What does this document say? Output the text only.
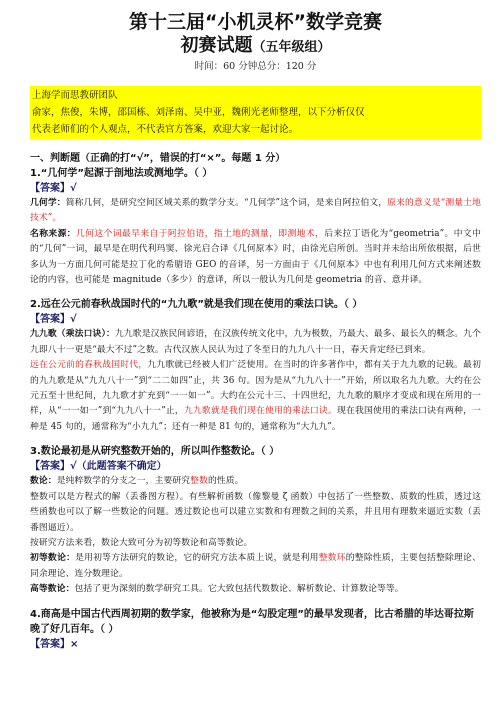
第十三届“小机灵杯”数学竞赛
初赛试题（五年级组）
时间：60 分钟总分：120 分
上海学而思教研团队
俞家，焦俊，朱博，邵国栋、刘泽南、吴中亚，魏俐光老师整理，以下分析仅仅
代表老师们的个人观点，不代表官方答案，欢迎大家一起讨论。
一、判断题（正确的打“√”，错误的打“×”。每题 1 分）
1.“几何学”起源于剖地法或测地学。（ ）
【答案】√

几何学：简称几何，是研究空间区域关系的数学分支。“几何学”这个词，是来自阿拉伯文，原来的意义是“测量土地技术”。

名称来源：几何这个词最早来自于阿拉伯语，指土地的测量，即测地术，后来拉丁语化为“geometria”。中文中的“几何”一词，最早是在明代利玛窦、徐光启合译《几何原本》时，由徐光启所创。当时并未给出所依根据，后世多认为一方面几何可能是拉丁化的希腊语 GEO 的音译，另一方面由于《几何原本》中也有利用几何方式来阐述数论的内容，也可能是 magnitude（多少）的意译，所以一般认为几何是 geometria 的音、意并译。

2.远在公元前春秋战国时代的“九九歌”就是我们现在使用的乘法口诀。（ ）
【答案】√

九九歌（乘法口诀）：九九歌是汉族民间谚语，在汉族传统文化中，九为极数，乃最大、最多、最长久的概念。九个九即八十一更是“最大不过”之数。古代汉族人民认为过了冬至日的九九八十一日，春天肯定经已到来。

远在公元前的春秋战国时代，九九歌就已经被人们广泛使用。在当时的许多著作中，都有关于九九歌的记载。最初的九九歌是从“九九八十一”到“二二如四”止，共 36 句。因为是从“九九八十一”开始，所以取名九九歌。大约在公元五至十世纪间，九九歌才扩充到“一一如一”。大约在公元十三、十四世纪，九九歌的顺序才变成和现在所用的一样，从“一一如一”到“九九八十一”止，九九歌就是我们现在使用的乘法口诀。现在我国使用的乘法口诀有两种，一种是 45 句的，通常称为“小九九”；还有一种是 81 句的，通常称为“大九九”。

3.数论最初是从研究整数开始的，所以叫作整数论。（ ）
【答案】√（此题答案不确定）

数论：是纯粹数学的分支之一，主要研究整数的性质。

整数可以是方程式的解（丢番图方程）。有些解析函数（像黎曼 ζ 函数）中包括了一些整数、质数的性质，透过这些函数也可以了解一些数论的问题。透过数论也可以建立实数和有理数之间的关系，并且用有理数来逼近实数（丢番图逼近）。

按研究方法来看，数论大致可分为初等数论和高等数论。

初等数论：是用初等方法研究的数论，它的研究方法本质上说，就是利用整数环的整除性质，主要包括整除理论、同余理论、连分数理论。

高等数论：包括了更为深刻的数学研究工具。它大致包括代数数论、解析数论、计算数论等等。

4.商高是中国古代西周初期的数学家，他被称为是“勾股定理”的最早发现者，比古希腊的毕达哥拉斯晚了好几百年。（ ）
【答案】×
